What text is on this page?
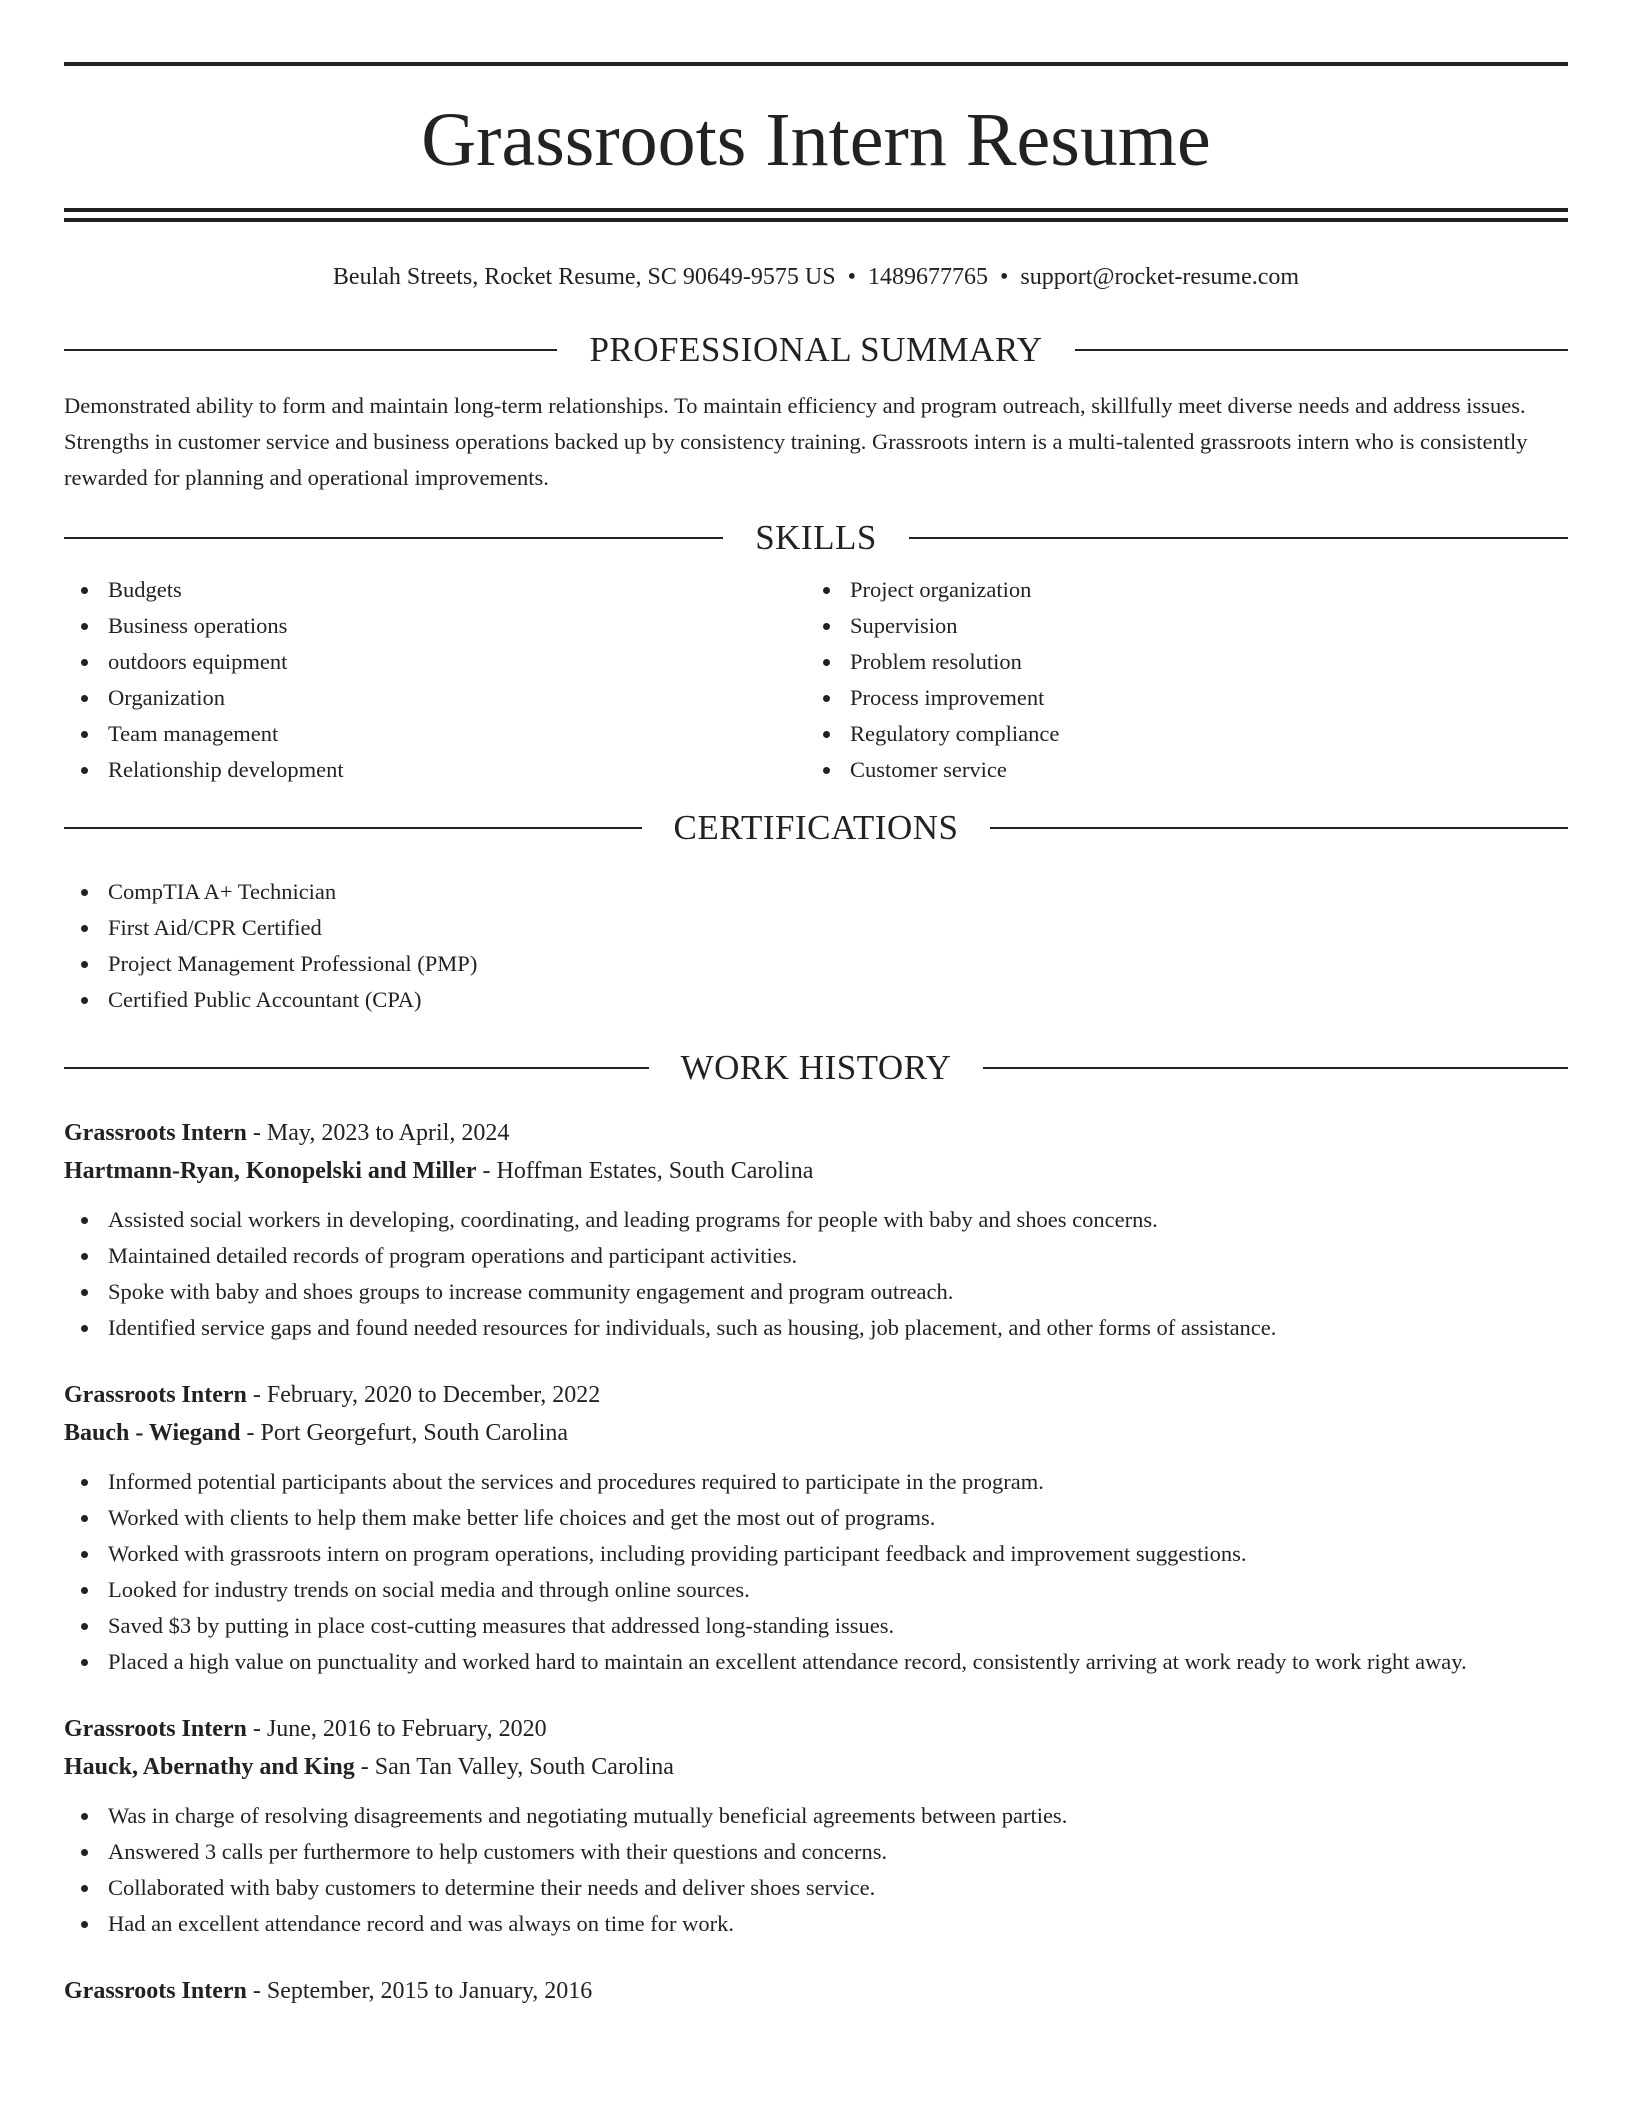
Grassroots Intern Resume
Beulah Streets, Rocket Resume, SC 90649-9575 US • 1489677765 • support@rocket-resume.com
PROFESSIONAL SUMMARY
Demonstrated ability to form and maintain long-term relationships. To maintain efficiency and program outreach, skillfully meet diverse needs and address issues. Strengths in customer service and business operations backed up by consistency training. Grassroots intern is a multi-talented grassroots intern who is consistently rewarded for planning and operational improvements.
SKILLS
Budgets
Business operations
outdoors equipment
Organization
Team management
Relationship development
Project organization
Supervision
Problem resolution
Process improvement
Regulatory compliance
Customer service
CERTIFICATIONS
CompTIA A+ Technician
First Aid/CPR Certified
Project Management Professional (PMP)
Certified Public Accountant (CPA)
WORK HISTORY
Grassroots Intern - May, 2023 to April, 2024
Hartmann-Ryan, Konopelski and Miller - Hoffman Estates, South Carolina
Assisted social workers in developing, coordinating, and leading programs for people with baby and shoes concerns.
Maintained detailed records of program operations and participant activities.
Spoke with baby and shoes groups to increase community engagement and program outreach.
Identified service gaps and found needed resources for individuals, such as housing, job placement, and other forms of assistance.
Grassroots Intern - February, 2020 to December, 2022
Bauch - Wiegand - Port Georgefurt, South Carolina
Informed potential participants about the services and procedures required to participate in the program.
Worked with clients to help them make better life choices and get the most out of programs.
Worked with grassroots intern on program operations, including providing participant feedback and improvement suggestions.
Looked for industry trends on social media and through online sources.
Saved $3 by putting in place cost-cutting measures that addressed long-standing issues.
Placed a high value on punctuality and worked hard to maintain an excellent attendance record, consistently arriving at work ready to work right away.
Grassroots Intern - June, 2016 to February, 2020
Hauck, Abernathy and King - San Tan Valley, South Carolina
Was in charge of resolving disagreements and negotiating mutually beneficial agreements between parties.
Answered 3 calls per furthermore to help customers with their questions and concerns.
Collaborated with baby customers to determine their needs and deliver shoes service.
Had an excellent attendance record and was always on time for work.
Grassroots Intern - September, 2015 to January, 2016
